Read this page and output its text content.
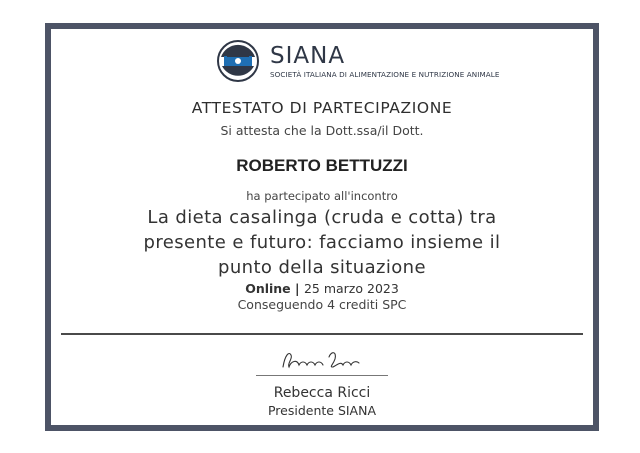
SIANA
SOCIETÀ ITALIANA DI ALIMENTAZIONE E NUTRIZIONE ANIMALE
ATTESTATO DI PARTECIPAZIONE
Si attesta che la Dott.ssa/il Dott.
ROBERTO BETTUZZI
ha partecipato all'incontro
La dieta casalinga (cruda e cotta) tra presente e futuro: facciamo insieme il punto della situazione
Online | 25 marzo 2023
Conseguendo 4 crediti SPC
Rebecca Ricci
Presidente SIANA
